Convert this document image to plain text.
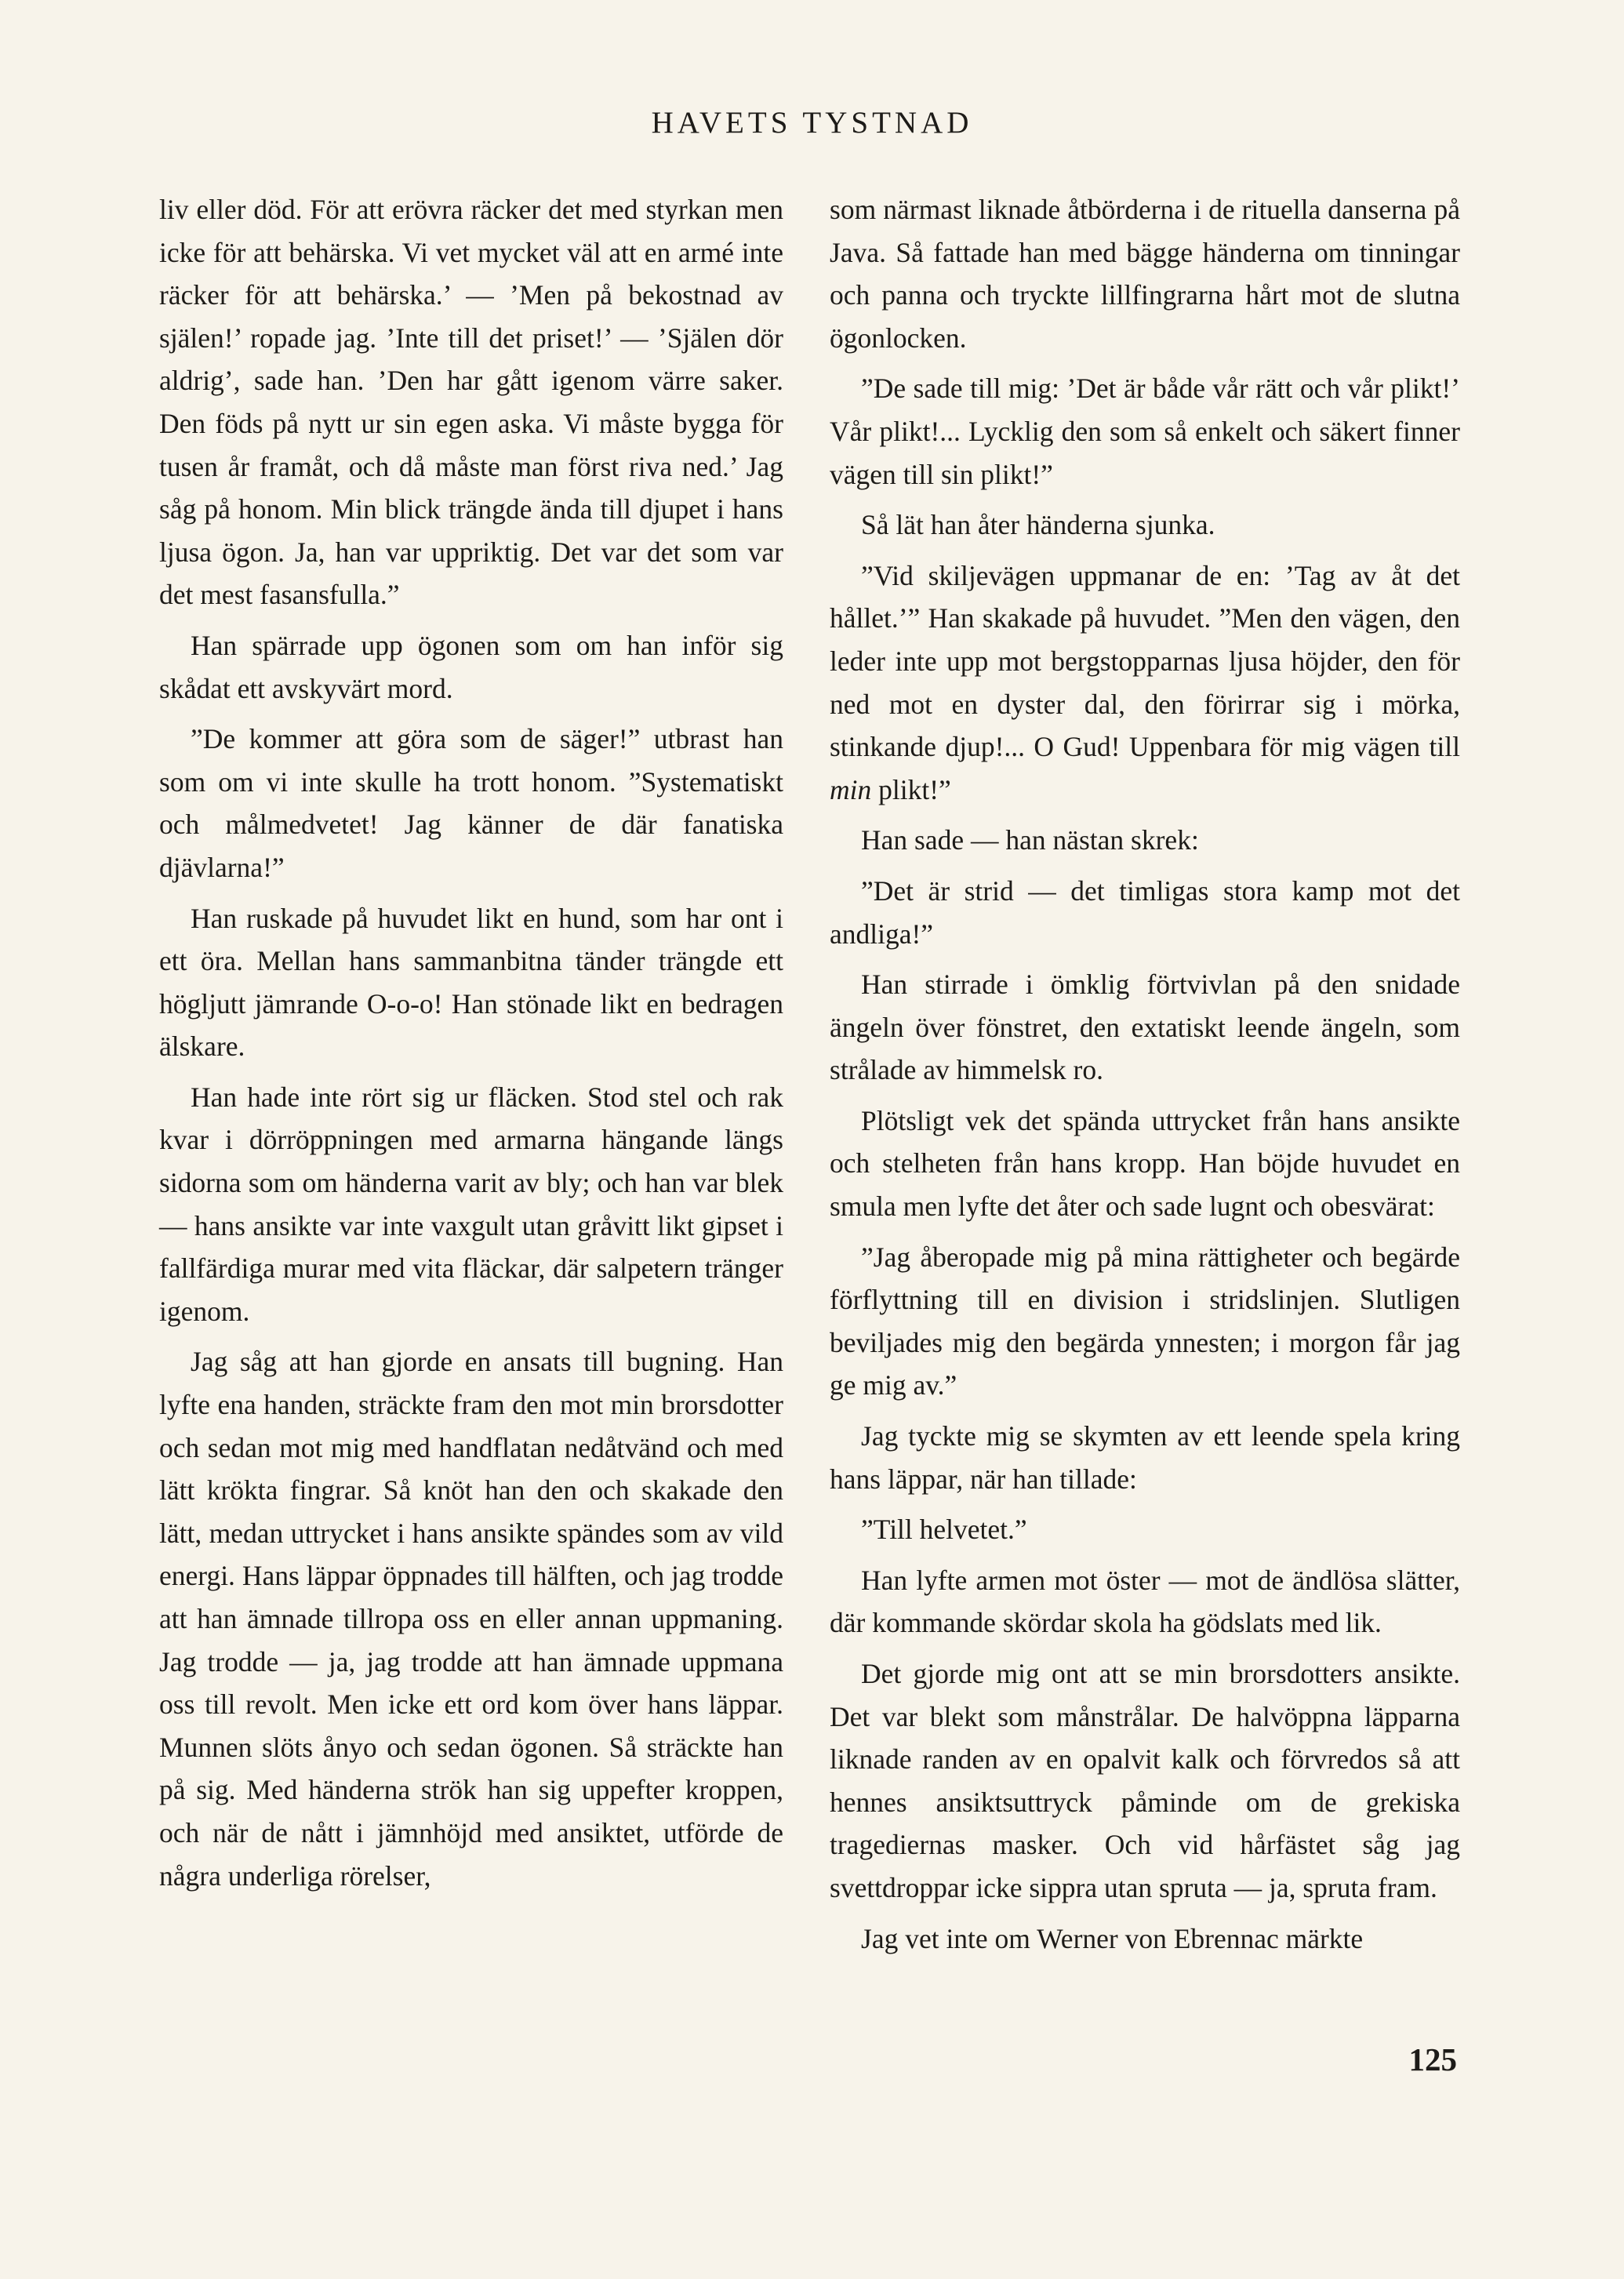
HAVETS TYSTNAD

liv eller död. För att erövra räcker det med styrkan men icke för att behärska. Vi vet mycket väl att en armé inte räcker för att behärska.’ — ’Men på bekostnad av själen!’ ropade jag. ’Inte till det priset!’ — ’Själen dör aldrig’, sade han. ’Den har gått igenom värre saker. Den föds på nytt ur sin egen aska. Vi måste bygga för tusen år framåt, och då måste man först riva ned.’ Jag såg på honom. Min blick trängde ända till djupet i hans ljusa ögon. Ja, han var uppriktig. Det var det som var det mest fasansfulla.”

Han spärrade upp ögonen som om han inför sig skådat ett avskyvärt mord.

”De kommer att göra som de säger!” utbrast han som om vi inte skulle ha trott honom. ”Systematiskt och målmedvetet! Jag känner de där fanatiska djävlarna!”

Han ruskade på huvudet likt en hund, som har ont i ett öra. Mellan hans sammanbitna tänder trängde ett högljutt jämrande O-o-o! Han stönade likt en bedragen älskare.

Han hade inte rört sig ur fläcken. Stod stel och rak kvar i dörröppningen med armarna hängande längs sidorna som om händerna varit av bly; och han var blek — hans ansikte var inte vaxgult utan gråvitt likt gipset i fallfärdiga murar med vita fläckar, där salpetern tränger igenom.

Jag såg att han gjorde en ansats till bugning. Han lyfte ena handen, sträckte fram den mot min brorsdotter och sedan mot mig med handflatan nedåtvänd och med lätt krökta fingrar. Så knöt han den och skakade den lätt, medan uttrycket i hans ansikte spändes som av vild energi. Hans läppar öppnades till hälften, och jag trodde att han ämnade tillropa oss en eller annan uppmaning. Jag trodde — ja, jag trodde att han ämnade uppmana oss till revolt. Men icke ett ord kom över hans läppar. Munnen slöts ånyo och sedan ögonen. Så sträckte han på sig. Med händerna strök han sig uppefter kroppen, och när de nått i jämnhöjd med ansiktet, utförde de några underliga rörelser,

som närmast liknade åtbörderna i de rituella danserna på Java. Så fattade han med bägge händerna om tinningar och panna och tryckte lillfingrarna hårt mot de slutna ögonlocken.

”De sade till mig: ’Det är både vår rätt och vår plikt!’ Vår plikt!... Lycklig den som så enkelt och säkert finner vägen till sin plikt!”

Så lät han åter händerna sjunka.

”Vid skiljevägen uppmanar de en: ’Tag av åt det hållet.’” Han skakade på huvudet. ”Men den vägen, den leder inte upp mot bergstopparnas ljusa höjder, den för ned mot en dyster dal, den förirrar sig i mörka, stinkande djup!... O Gud! Uppenbara för mig vägen till min plikt!”

Han sade — han nästan skrek:

”Det är strid — det timligas stora kamp mot det andliga!”

Han stirrade i ömklig förtvivlan på den snidade ängeln över fönstret, den extatiskt leende ängeln, som strålade av himmelsk ro.

Plötsligt vek det spända uttrycket från hans ansikte och stelheten från hans kropp. Han böjde huvudet en smula men lyfte det åter och sade lugnt och obesvärat:

”Jag åberopade mig på mina rättigheter och begärde förflyttning till en division i stridslinjen. Slutligen beviljades mig den begärda ynnesten; i morgon får jag ge mig av.”

Jag tyckte mig se skymten av ett leende spela kring hans läppar, när han tillade:

”Till helvetet.”

Han lyfte armen mot öster — mot de ändlösa slätter, där kommande skördar skola ha gödslats med lik.

Det gjorde mig ont att se min brorsdotters ansikte. Det var blekt som månstrålar. De halvöppna läpparna liknade randen av en opalvit kalk och förvredos så att hennes ansiktsuttryck påminde om de grekiska tragediernas masker. Och vid hårfästet såg jag svettdroppar icke sippra utan spruta — ja, spruta fram.

Jag vet inte om Werner von Ebrennac märkte

125
